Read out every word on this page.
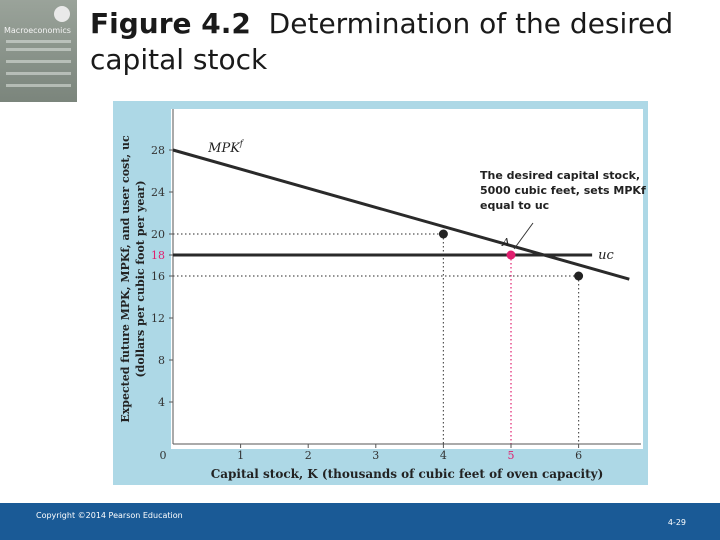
Macroeconomics Figure 4.2 Determination of the desired capital stock
4
8
12
16
18
20
24
28
0	1	2	3	4	5	6
MPK$^f$
uc
A
The desired capital stock,
5000 cubic feet, sets MPKf
equal to uc
Capital stock, K (thousands of cubic feet of oven capacity)
Expected future MPK, MPKf, and user cost, uc (dollars per cubic foot per year)
Copyright ©2014 Pearson Education
4-29
